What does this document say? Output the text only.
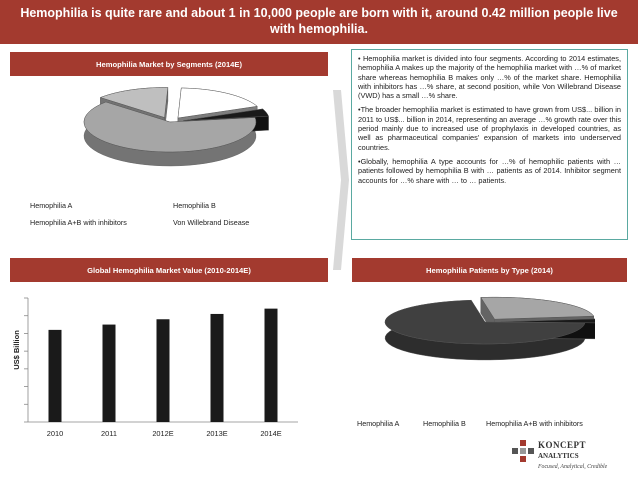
Hemophilia is quite rare and about 1 in 10,000 people are born with it, around 0.42 million people live with hemophilia.
Hemophilia Market by Segments (2014E)
Hemophilia A	Hemophilia B
Hemophilia A+B with inhibitors	Von Willebrand Disease

• Hemophilia market is divided into four segments. According to 2014 estimates, hemophilia A makes up the majority of the hemophilia market with …% of market share whereas hemophilia B makes only …% of the market share. Hemophilia with inhibitors has …% share, at second position, while Von Willebrand Disease (VWD) has a small …% share.

•The broader hemophilia market is estimated to have grown from US$... billion in 2011 to US$... billion in 2014, representing an average …% growth rate over this period mainly due to increased use of prophylaxis in developed countries, as well as pharmaceutical companies' expansion of markets into underserved countries.

•Globally, hemophilia A type accounts for …% of hemophilic patients with … patients followed by hemophilia B with … patients as of 2014. Inhibitor segment accounts for …% share with … to … patients.

Global Hemophilia Market Value (2010-2014E)
US$ Billion
2010	2011	2012E	2013E	2014E
Hemophilia Patients by Type (2014)
Hemophilia A	Hemophilia B	Hemophilia A+B with inhibitors
KONCEPT
ANALYTICS
Focused, Analytical, Credible
